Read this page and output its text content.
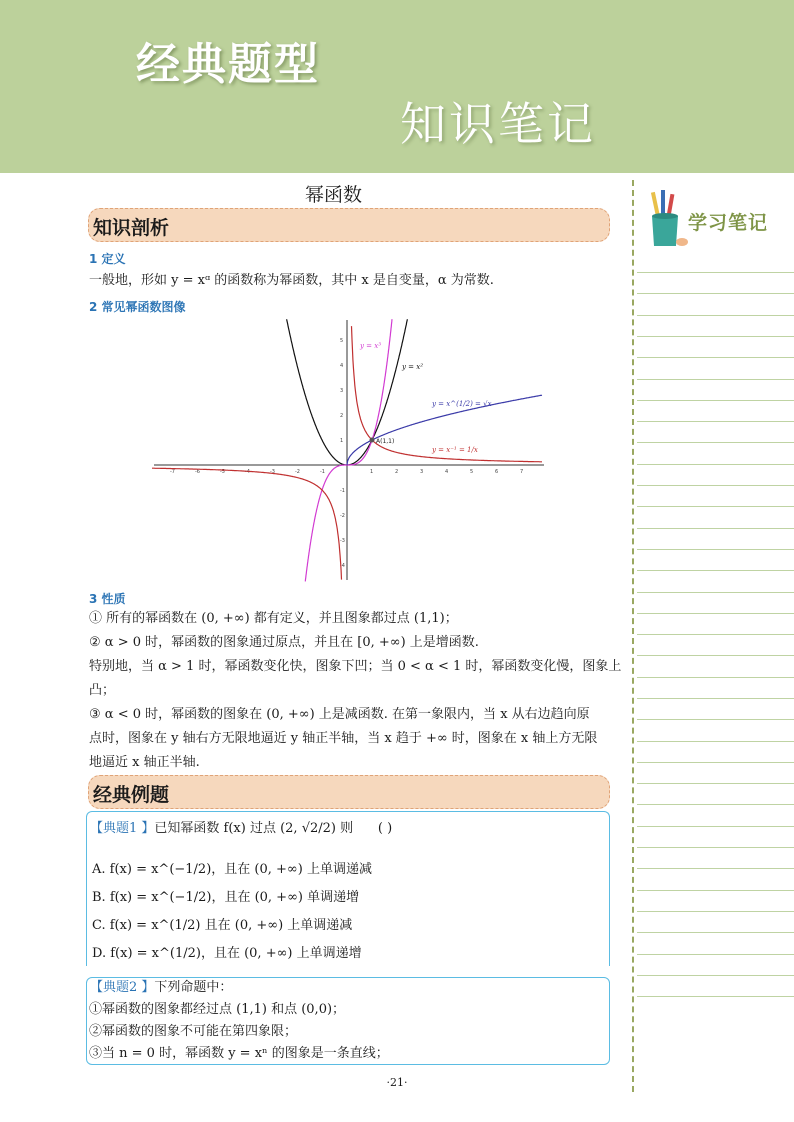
经典题型
知识笔记
学习笔记
幂函数
知识剖析
1 定义
一般地，形如 y = xᵅ 的函数称为幂函数，其中 x 是自变量，α 为常数.
2 常见幂函数图像
-7	-6	-5	-4	-3	-2	-1	1	2	3	4	5	6	7
-4
-3
-2
-1
1
2
3
4
5
A(1,1)
y = x³
y = x²
y = x^(1/2) = √x
y = x⁻¹ = 1/x
3 性质
① 所有的幂函数在 (0, +∞) 都有定义，并且图象都过点 (1,1)；
② α > 0 时，幂函数的图象通过原点，并且在 [0, +∞) 上是增函数.
特别地，当 α > 1 时，幂函数变化快，图象下凹；当 0 < α < 1 时，幂函数变化慢，图象上
凸；
③ α < 0 时，幂函数的图象在 (0, +∞) 上是减函数. 在第一象限内，当 x 从右边趋向原
点时，图象在 y 轴右方无限地逼近 y 轴正半轴，当 x 趋于 +∞ 时，图象在 x 轴上方无限
地逼近 x 轴正半轴.
经典例题
【典题1 】已知幂函数 f(x) 过点 (2, √2/2) 则 ( )
A. f(x) = x^(−1/2)，且在 (0, +∞) 上单调递减
B. f(x) = x^(−1/2)，且在 (0, +∞) 单调递增
C. f(x) = x^(1/2) 且在 (0, +∞) 上单调递减
D. f(x) = x^(1/2)，且在 (0, +∞) 上单调递增
【典题2 】下列命题中：
①幂函数的图象都经过点 (1,1) 和点 (0,0)；
②幂函数的图象不可能在第四象限；
③当 n = 0 时，幂函数 y = xⁿ 的图象是一条直线；
·21·
